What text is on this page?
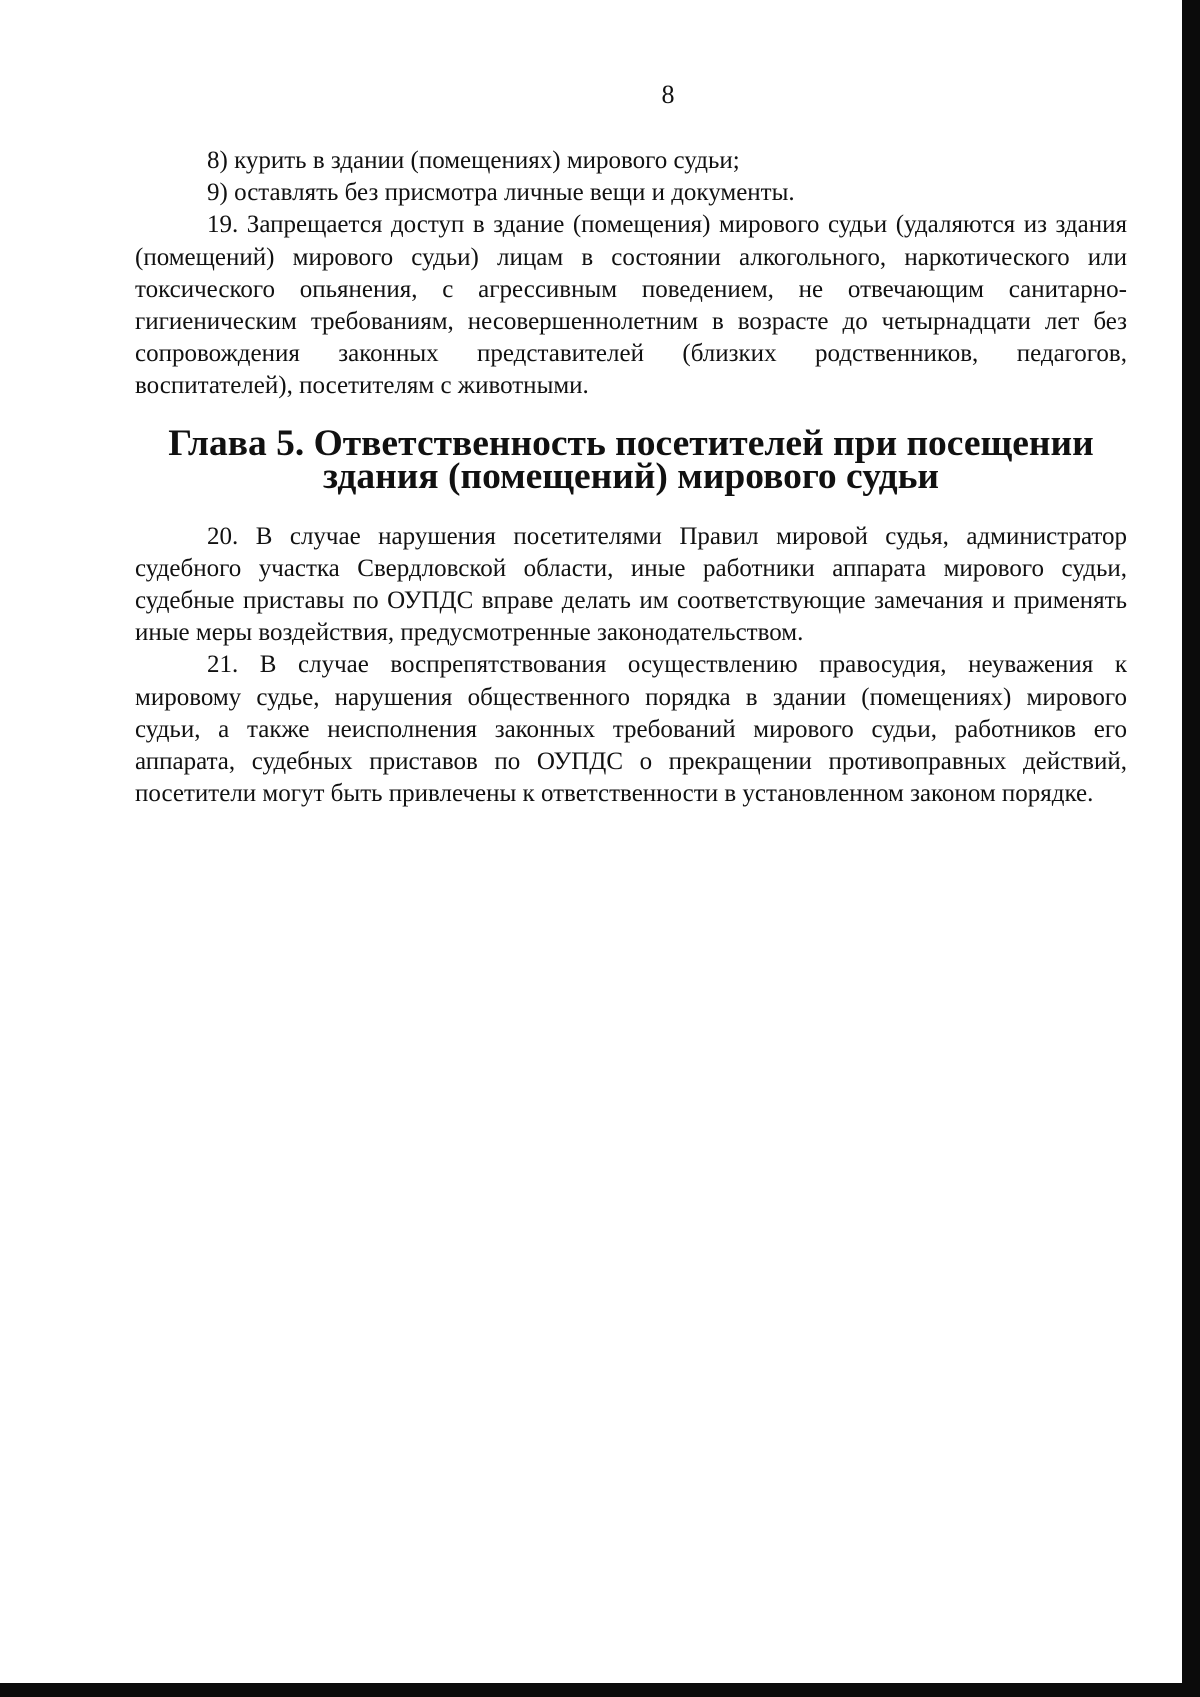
8

8) курить в здании (помещениях) мирового судьи;

9) оставлять без присмотра личные вещи и документы.

19. Запрещается доступ в здание (помещения) мирового судьи (удаляются из здания (помещений) мирового судьи) лицам в состоянии алкогольного, наркотического или токсического опьянения, с агрессивным поведением, не отвечающим санитарно-гигиеническим требованиям, несовершеннолетним в возрасте до четырнадцати лет без сопровождения законных представителей (близких родственников, педагогов, воспитателей), посетителям с животными.

Глава 5. Ответственность посетителей при посещении
здания (помещений) мирового судьи

20. В случае нарушения посетителями Правил мировой судья, администратор судебного участка Свердловской области, иные работники аппарата мирового судьи, судебные приставы по ОУПДС вправе делать им соответствующие замечания и применять иные меры воздействия, предусмотренные законодательством.

21. В случае воспрепятствования осуществлению правосудия, неуважения к мировому судье, нарушения общественного порядка в здании (помещениях) мирового судьи, а также неисполнения законных требований мирового судьи, работников его аппарата, судебных приставов по ОУПДС о прекращении противоправных действий, посетители могут быть привлечены к ответственности в установленном законом порядке.
